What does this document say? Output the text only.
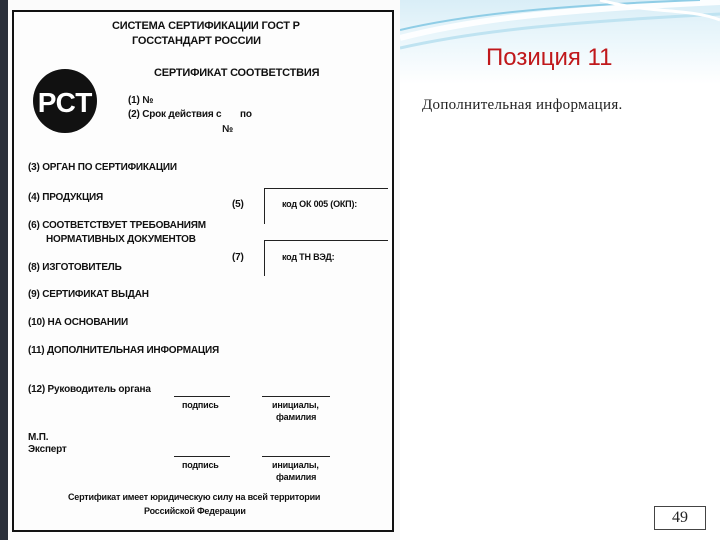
СИСТЕМА СЕРТИФИКАЦИИ ГОСТ Р
ГОССТАНДАРТ РОССИИ
РСТ
СЕРТИФИКАТ СООТВЕТСТВИЯ
(1) №
(2) Срок действия с по
№
(3) ОРГАН ПО СЕРТИФИКАЦИИ
(4) ПРОДУКЦИЯ
(5)	код ОК 005 (ОКП):
(6) СООТВЕТСТВУЕТ ТРЕБОВАНИЯМ
НОРМАТИВНЫХ ДОКУМЕНТОВ
(7)	код ТН ВЭД:
(8) ИЗГОТОВИТЕЛЬ
(9) СЕРТИФИКАТ ВЫДАН
(10) НА ОСНОВАНИИ
(11) ДОПОЛНИТЕЛЬНАЯ ИНФОРМАЦИЯ
(12) Руководитель органа
подпись	инициалы,
фамилия
М.П.
Эксперт
подпись	инициалы,
фамилия
Сертификат имеет юридическую силу на всей территории
Российской Федерации
Позиция 11
Дополнительная информация.
49
